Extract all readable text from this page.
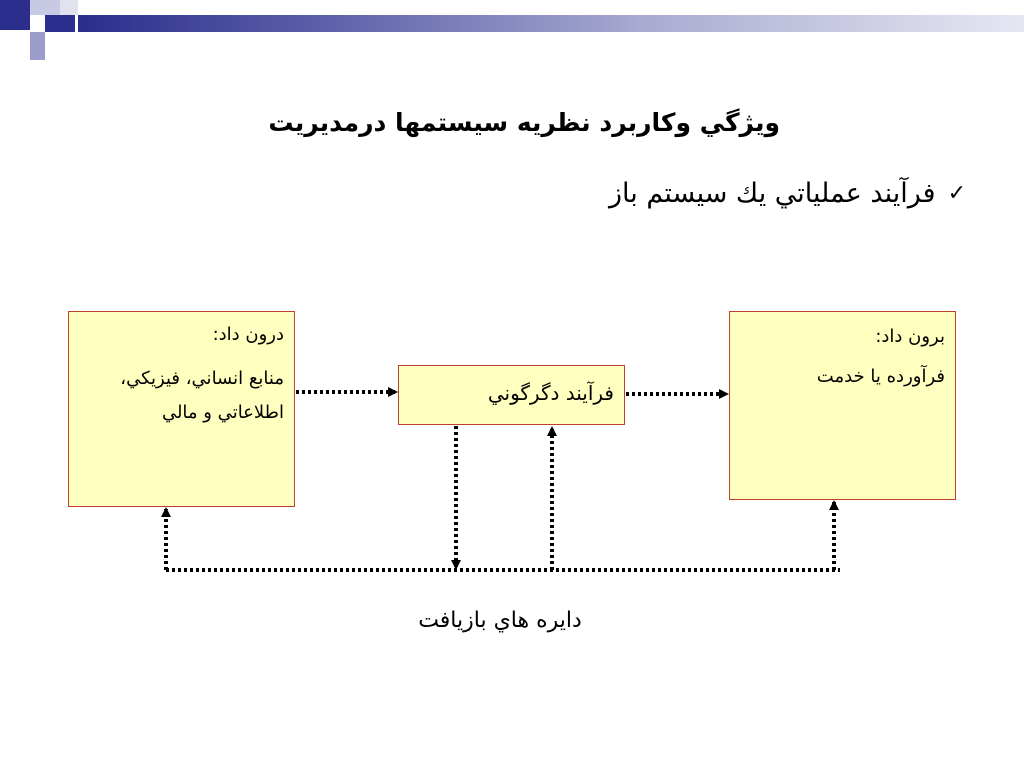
ويژگي وكاربرد نظريه سيستمها درمديريت
✓
فرآيند عملياتي يك سيستم باز
درون داد:
منابع انساني، فيزيكي،
اطلاعاتي و مالي
فرآيند دگرگوني
برون داد:
فرآورده يا خدمت
دايره هاي بازيافت
